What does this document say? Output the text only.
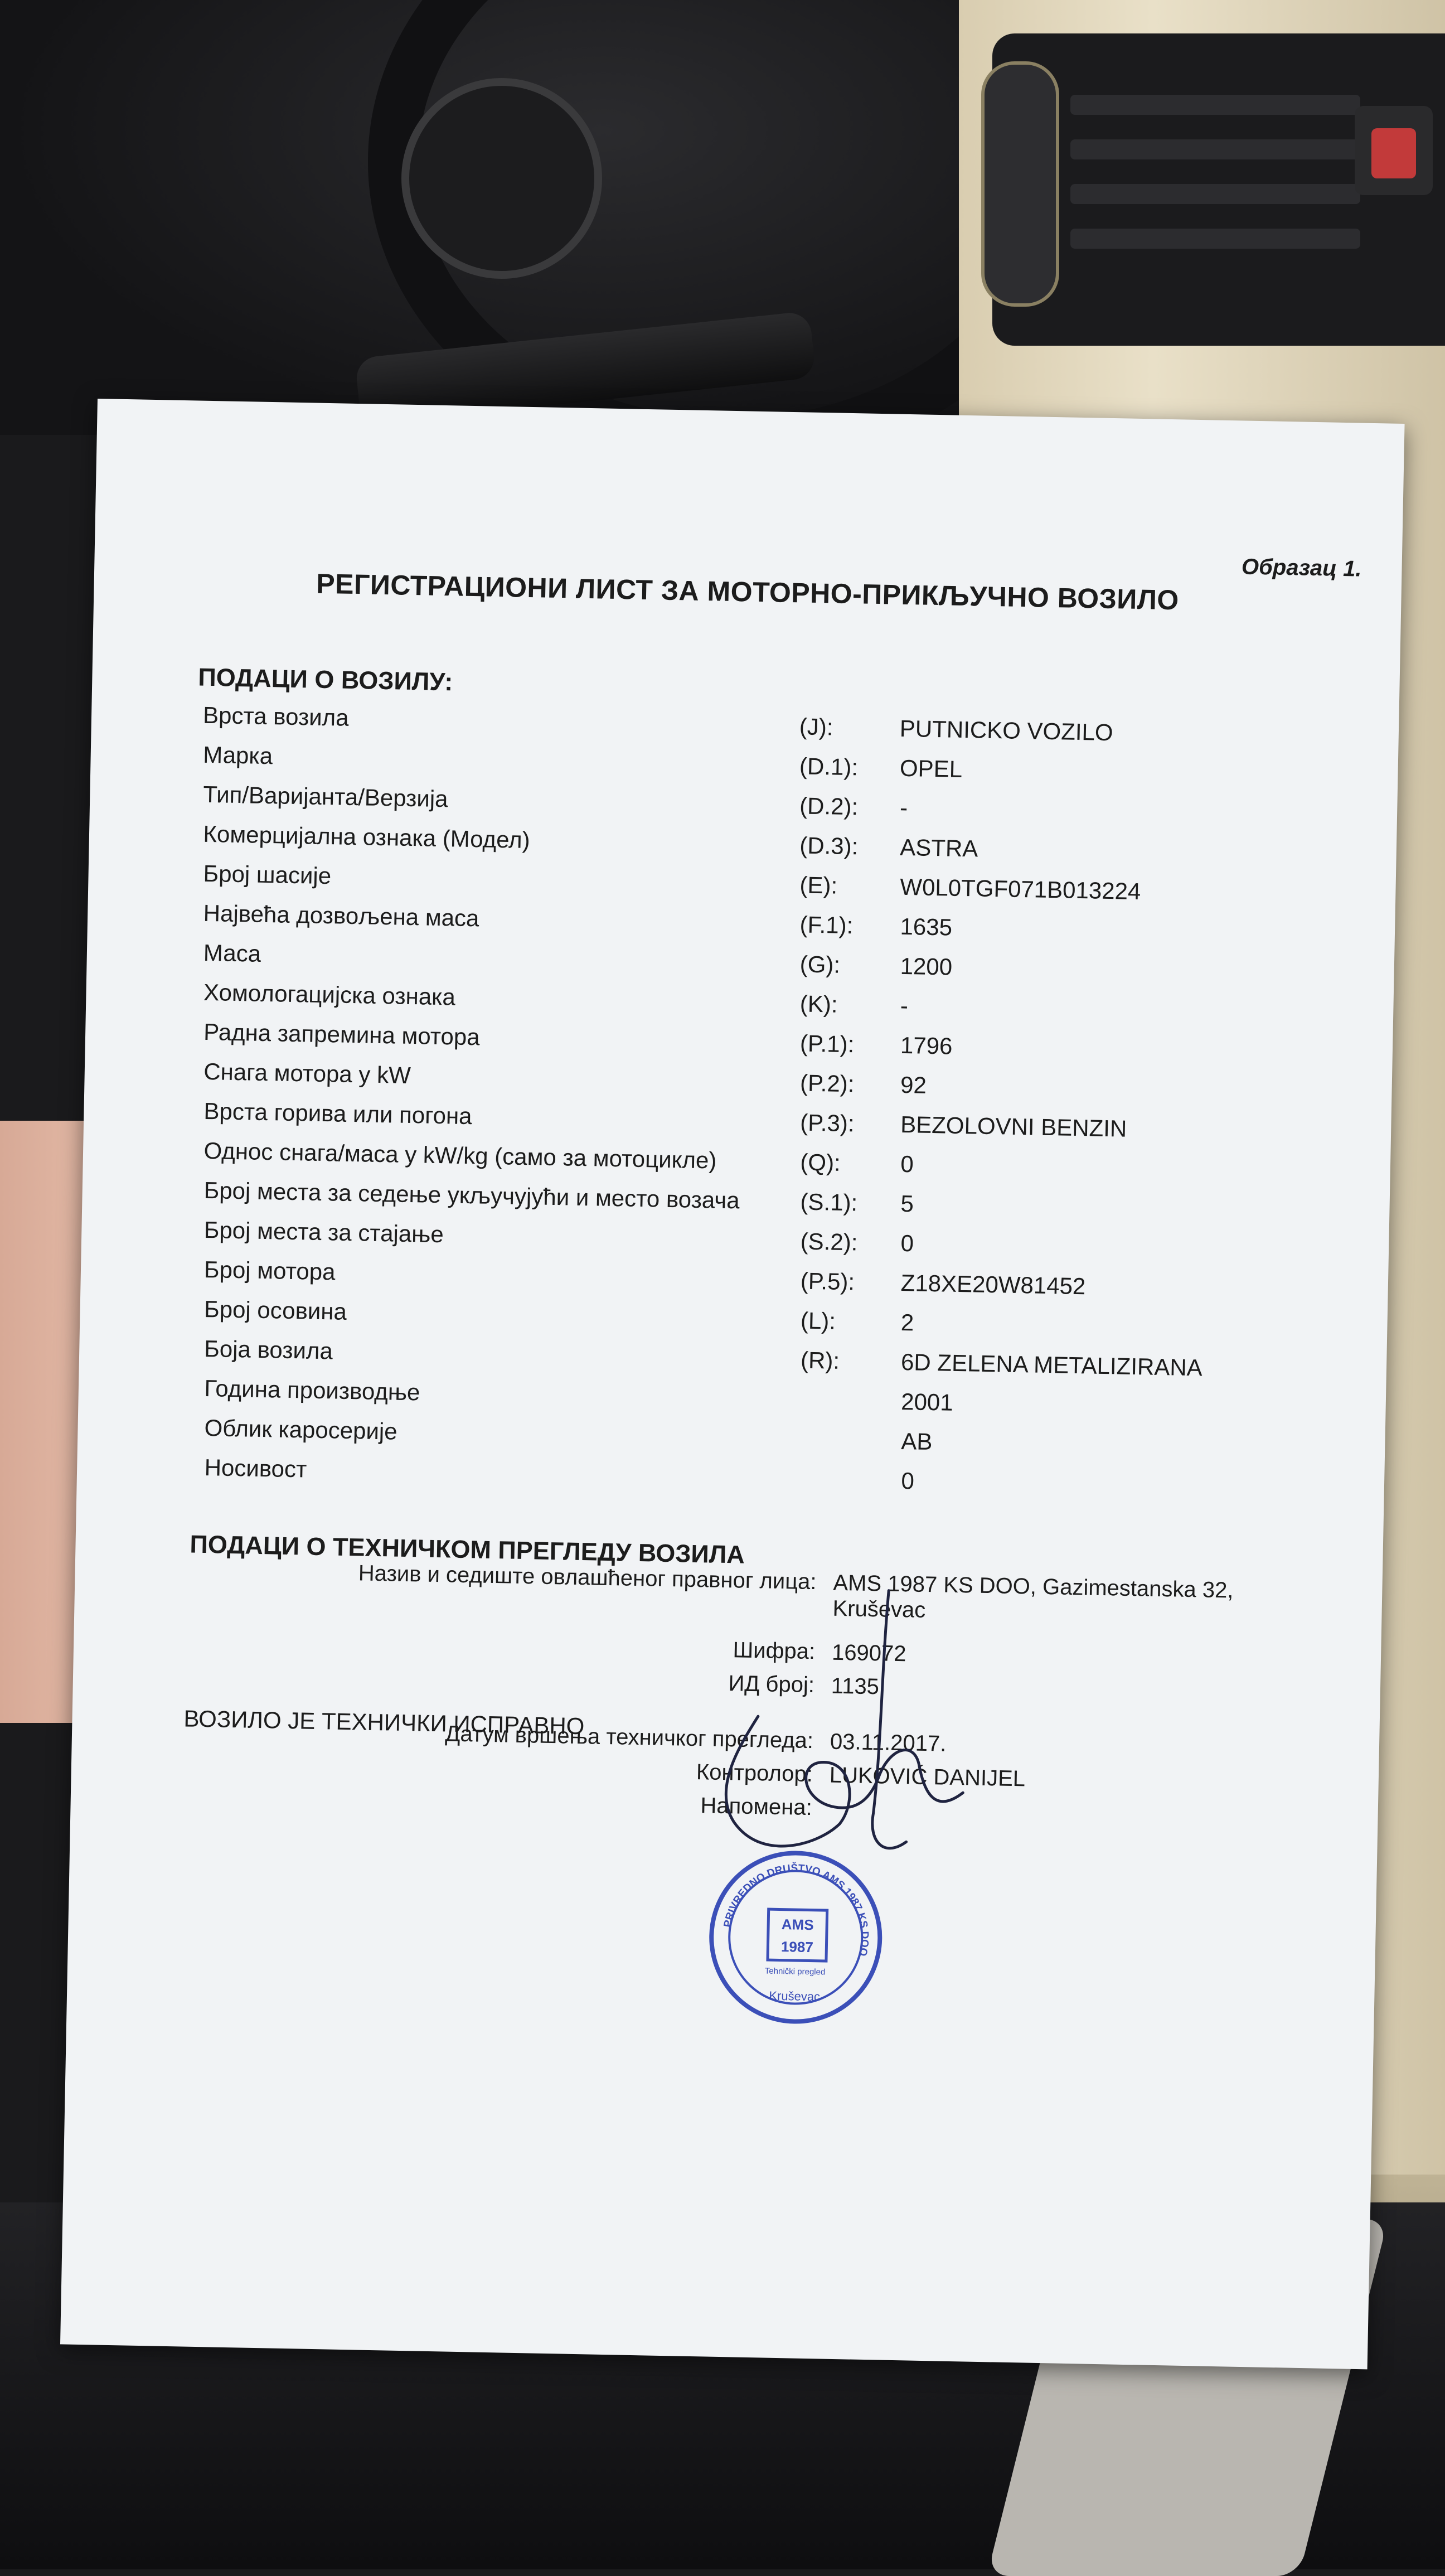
Образац 1.
РЕГИСТРАЦИОНИ ЛИСТ ЗА МОТОРНО-ПРИКЉУЧНО ВОЗИЛО
ПОДАЦИ О ВОЗИЛУ:
Врста возила	(J):	PUTNICKO VOZILO
Марка	(D.1): OPEL
Тип/Варијанта/Верзија	(D.2): -
Комерцијална ознака (Модел)	(D.3): ASTRA
Број шасије	(E):	W0L0TGF071B013224
Највећа дозвољена маса	(F.1): 1635
Маса	(G):	1200
Хомологацијска ознака	(K):	-
Радна запремина мотора	(P.1): 1796
Снага мотора у kW	(P.2): 92
Врста горива или погона	(P.3): BEZOLOVNI BENZIN
Однос снага/маса у kW/kg (само за мотоцикле)	(Q):	0
Број места за седење укључујући и место возача	(S.1): 5
Број места за стајање	(S.2): 0
Број мотора	(P.5): Z18XE20W81452
Број осовина	(L):	2
Боја возила	(R):	6D ZELENA METALIZIRANA
Година производње	2001
Облик каросерије	AB
Носивост	0
ПОДАЦИ О ТЕХНИЧКОМ ПРЕГЛЕДУ ВОЗИЛА
Назив и седиште овлашћеног правног лица: AMS 1987 KS DOO, Gazimestanska 32,
Kruševac
Шифра: 169072
ИД број: 1135
Датум вршења техничког прегледа: 03.11.2017.
Контролор: LUKOVIĆ DANIJEL
Напомена:
ВОЗИЛО ЈЕ ТЕХНИЧКИ ИСПРАВНО
PRIVREDNO DRUŠTVO AMS 1987 KS DOO
AMS
1987
Tehnički pregled
Kruševac
